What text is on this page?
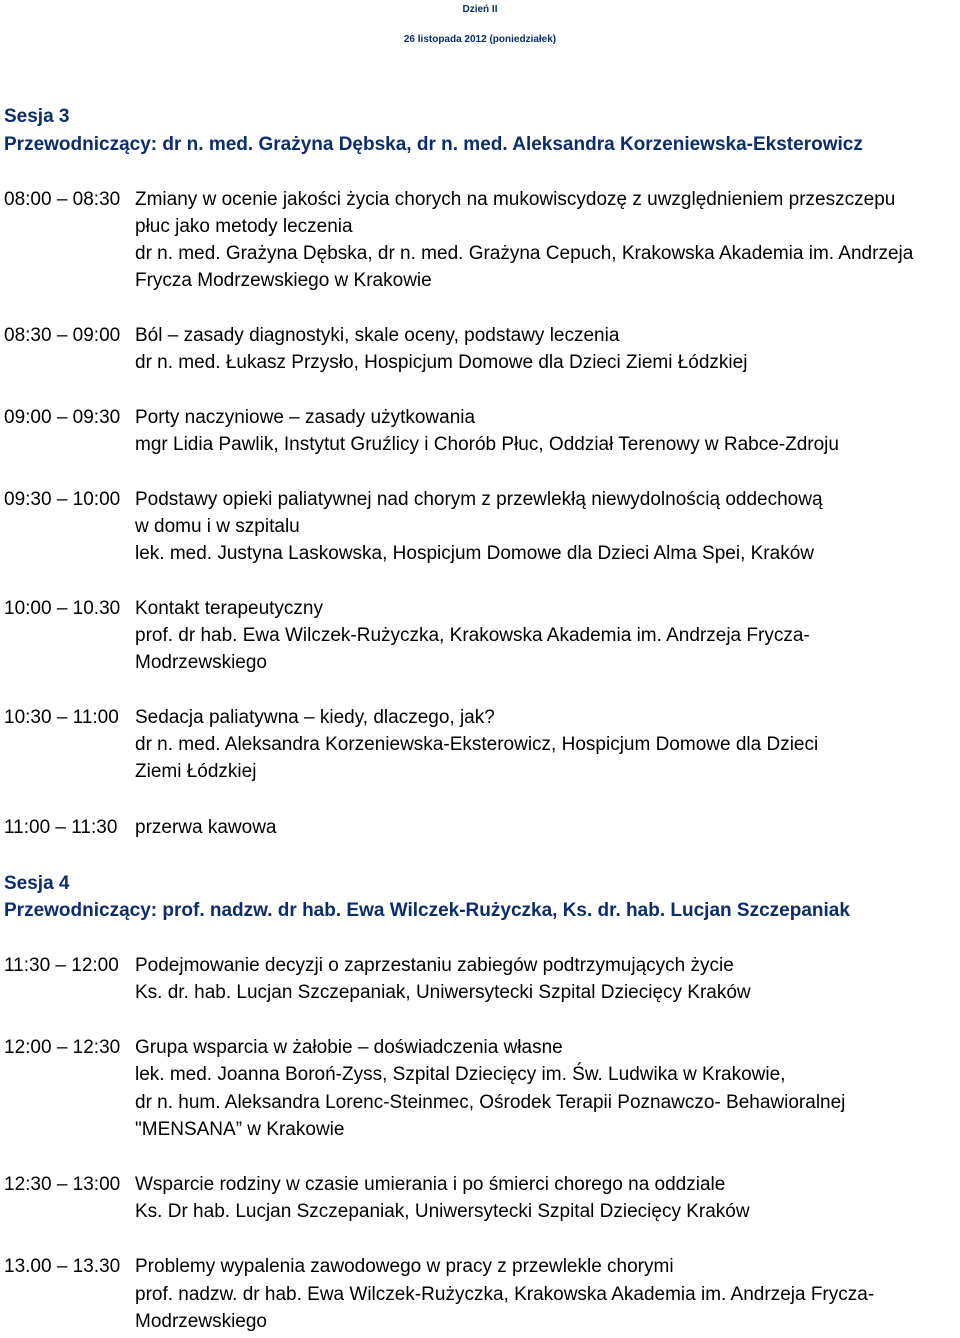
Dzień II
26 listopada 2012 (poniedziałek)
Sesja 3
Przewodniczący: dr n. med. Grażyna Dębska, dr n. med. Aleksandra Korzeniewska-Eksterowicz
08:00 – 08:30 Zmiany w ocenie jakości życia chorych na mukowiscydozę z uwzględnieniem przeszczepu
płuc jako metody leczenia
dr n. med. Grażyna Dębska, dr n. med. Grażyna Cepuch, Krakowska Akademia im. Andrzeja
Frycza Modrzewskiego w Krakowie
08:30 – 09:00 Ból – zasady diagnostyki, skale oceny, podstawy leczenia
dr n. med. Łukasz Przysło, Hospicjum Domowe dla Dzieci Ziemi Łódzkiej
09:00 – 09:30 Porty naczyniowe – zasady użytkowania
mgr Lidia Pawlik, Instytut Gruźlicy i Chorób Płuc, Oddział Terenowy w Rabce-Zdroju
09:30 – 10:00 Podstawy opieki paliatywnej nad chorym z przewlekłą niewydolnością oddechową
w domu i w szpitalu
lek. med. Justyna Laskowska, Hospicjum Domowe dla Dzieci Alma Spei, Kraków
10:00 – 10.30 Kontakt terapeutyczny
prof. dr hab. Ewa Wilczek-Rużyczka, Krakowska Akademia im. Andrzeja Frycza-
Modrzewskiego
10:30 – 11:00 Sedacja paliatywna – kiedy, dlaczego, jak?
dr n. med. Aleksandra Korzeniewska-Eksterowicz, Hospicjum Domowe dla Dzieci
Ziemi Łódzkiej
11:00 – 11:30 przerwa kawowa
Sesja 4
Przewodniczący: prof. nadzw. dr hab. Ewa Wilczek-Rużyczka, Ks. dr. hab. Lucjan Szczepaniak
11:30 – 12:00 Podejmowanie decyzji o zaprzestaniu zabiegów podtrzymujących życie
Ks. dr. hab. Lucjan Szczepaniak, Uniwersytecki Szpital Dziecięcy Kraków
12:00 – 12:30 Grupa wsparcia w żałobie – doświadczenia własne
lek. med. Joanna Boroń-Zyss, Szpital Dziecięcy im. Św. Ludwika w Krakowie,
dr n. hum. Aleksandra Lorenc-Steinmec, Ośrodek Terapii Poznawczo- Behawioralnej
"MENSANA” w Krakowie
12:30 – 13:00 Wsparcie rodziny w czasie umierania i po śmierci chorego na oddziale
Ks. Dr hab. Lucjan Szczepaniak, Uniwersytecki Szpital Dziecięcy Kraków
13.00 – 13.30 Problemy wypalenia zawodowego w pracy z przewlekle chorymi
prof. nadzw. dr hab. Ewa Wilczek-Rużyczka, Krakowska Akademia im. Andrzeja Frycza-
Modrzewskiego
